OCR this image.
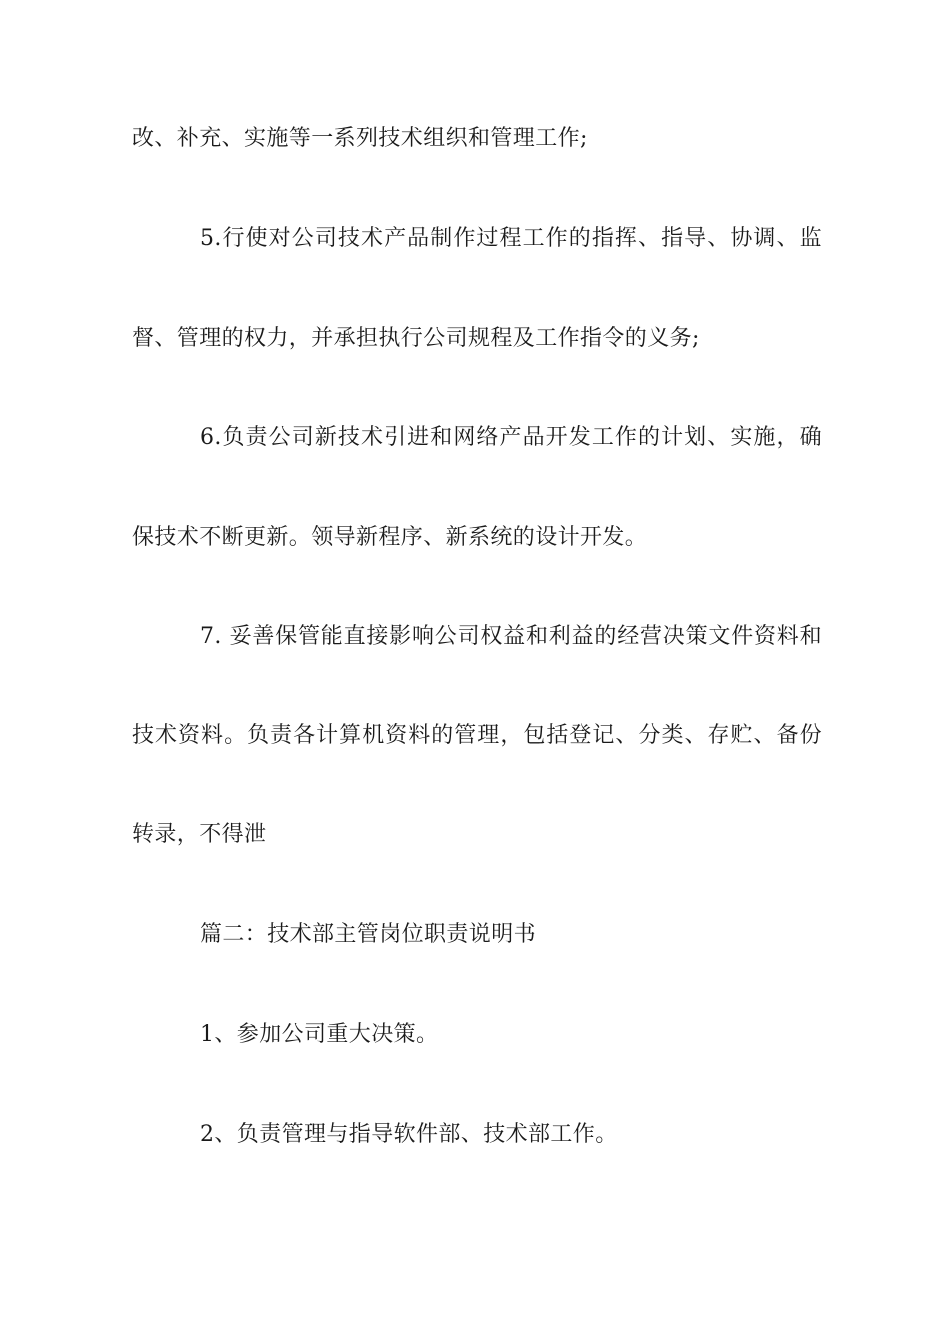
改、补充、实施等一系列技术组织和管理工作;
5.行使对公司技术产品制作过程工作的指挥、指导、协调、监
督、管理的权力，并承担执行公司规程及工作指令的义务;
6.负责公司新技术引进和网络产品开发工作的计划、实施，确
保技术不断更新。领导新程序、新系统的设计开发。
7. 妥善保管能直接影响公司权益和利益的经营决策文件资料和
技术资料。负责各计算机资料的管理，包括登记、分类、存贮、备份
转录，不得泄
篇二：技术部主管岗位职责说明书
1、参加公司重大决策。
2、负责管理与指导软件部、技术部工作。
